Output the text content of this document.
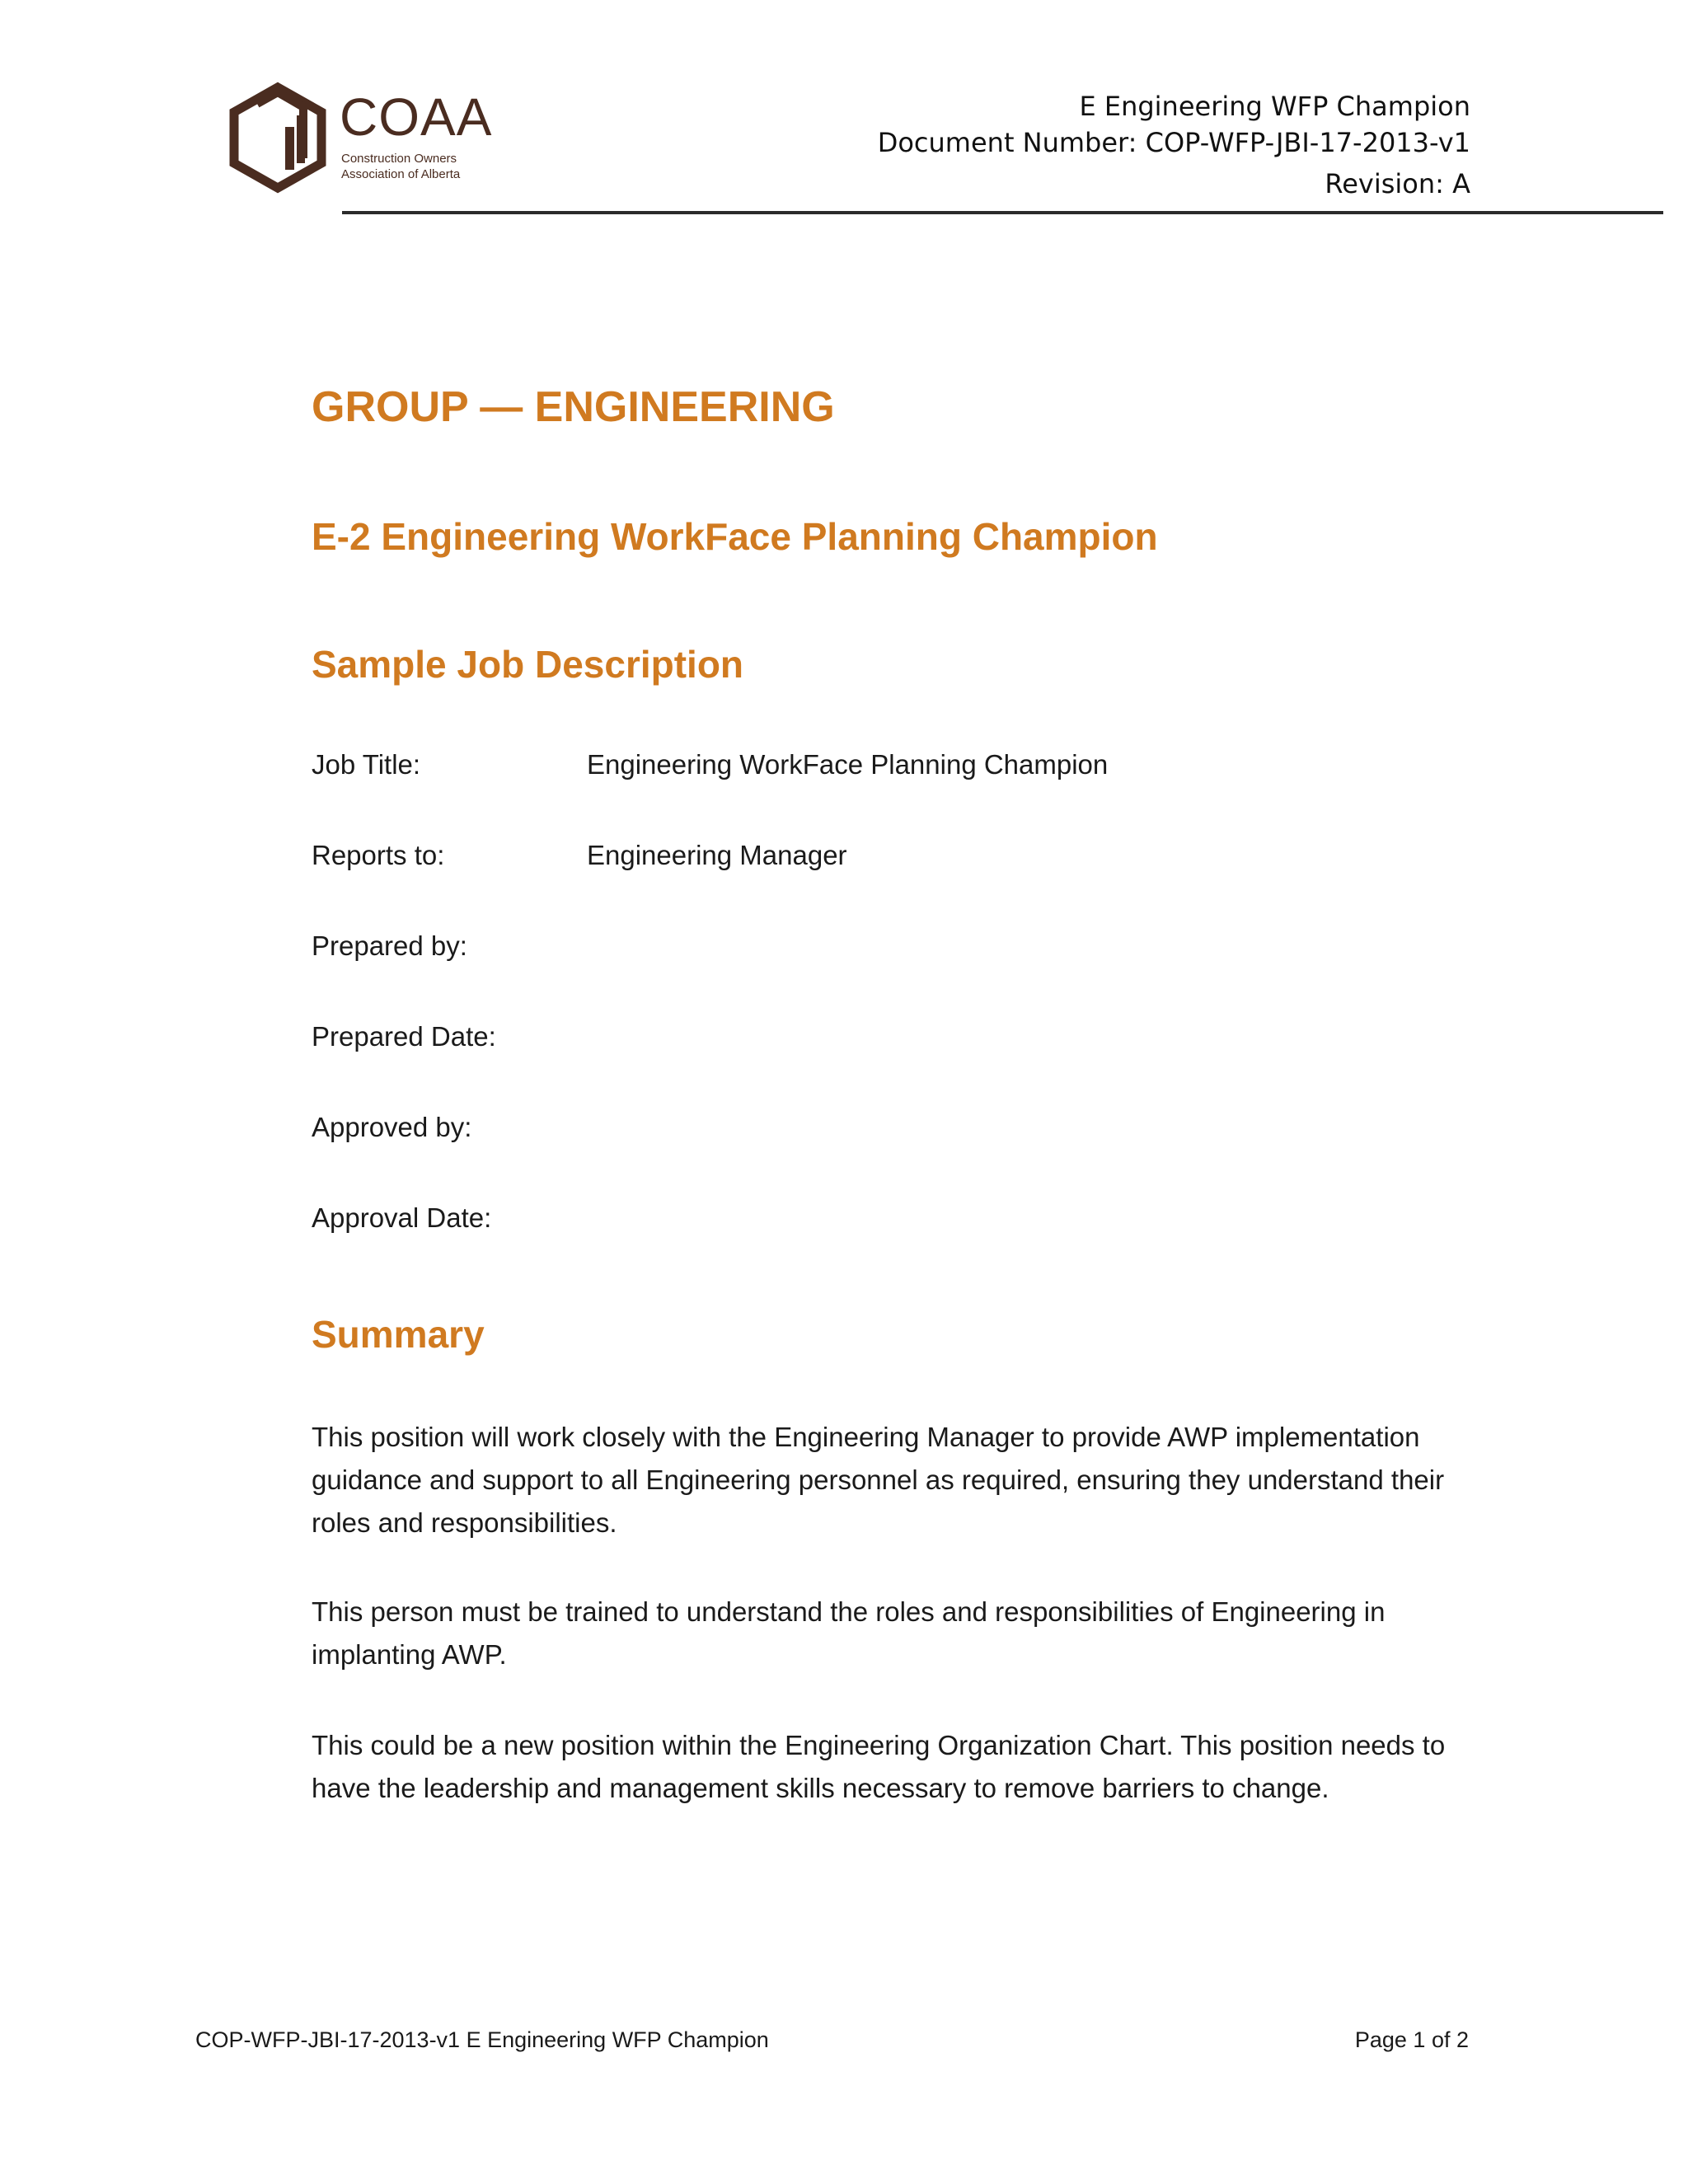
COAA
Construction Owners
Association of Alberta
E Engineering WFP Champion
Document Number: COP-WFP-JBI-17-2013-v1
Revision: A
GROUP — ENGINEERING
E-2 Engineering WorkFace Planning Champion
Sample Job Description
Job Title:	Engineering WorkFace Planning Champion
Reports to:	Engineering Manager
Prepared by:
Prepared Date:
Approved by:
Approval Date:
Summary

This position will work closely with the Engineering Manager to provide AWP implementation guidance and support to all Engineering personnel as required, ensuring they understand their roles and responsibilities.

This person must be trained to understand the roles and responsibilities of Engineering in implanting AWP.

This could be a new position within the Engineering Organization Chart. This position needs to have the leadership and management skills necessary to remove barriers to change.

COP-WFP-JBI-17-2013-v1 E Engineering WFP Champion	Page 1 of 2
